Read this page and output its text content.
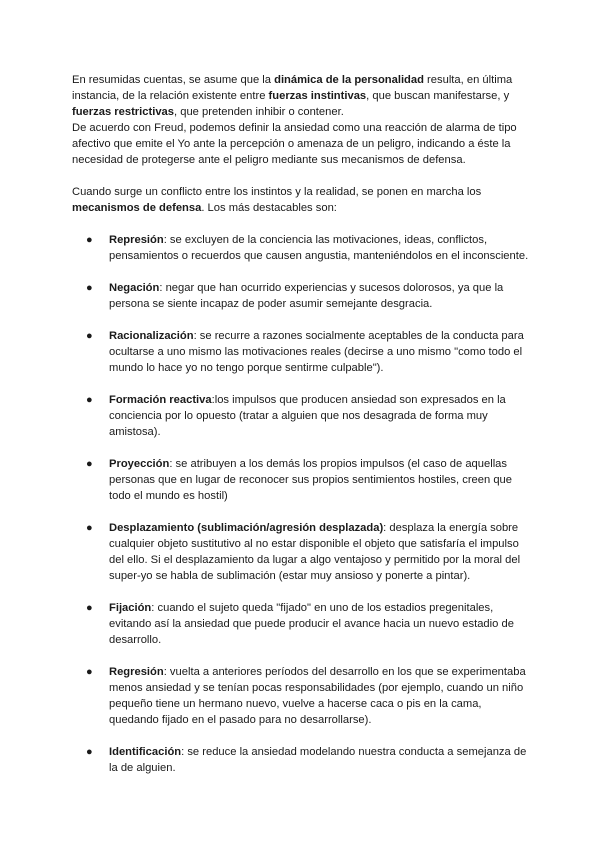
En resumidas cuentas, se asume que la dinámica de la personalidad resulta, en última instancia, de la relación existente entre fuerzas instintivas, que buscan manifestarse, y fuerzas restrictivas, que pretenden inhibir o contener.

De acuerdo con Freud, podemos definir la ansiedad como una reacción de alarma de tipo afectivo que emite el Yo ante la percepción o amenaza de un peligro, indicando a éste la necesidad de protegerse ante el peligro mediante sus mecanismos de defensa.

Cuando surge un conflicto entre los instintos y la realidad, se ponen en marcha los mecanismos de defensa. Los más destacables son:

● Represión: se excluyen de la conciencia las motivaciones, ideas, conflictos, pensamientos o recuerdos que causen angustia, manteniéndolos en el inconsciente.
● Negación: negar que han ocurrido experiencias y sucesos dolorosos, ya que la persona se siente incapaz de poder asumir semejante desgracia.
● Racionalización: se recurre a razones socialmente aceptables de la conducta para ocultarse a uno mismo las motivaciones reales (decirse a uno mismo "como todo el mundo lo hace yo no tengo porque sentirme culpable").
● Formación reactiva:los impulsos que producen ansiedad son expresados en la conciencia por lo opuesto (tratar a alguien que nos desagrada de forma muy amistosa).
● Proyección: se atribuyen a los demás los propios impulsos (el caso de aquellas personas que en lugar de reconocer sus propios sentimientos hostiles, creen que todo el mundo es hostil)
● Desplazamiento (sublimación/agresión desplazada): desplaza la energía sobre cualquier objeto sustitutivo al no estar disponible el objeto que satisfaría el impulso del ello. Si el desplazamiento da lugar a algo ventajoso y permitido por la moral del super-yo se habla de sublimación (estar muy ansioso y ponerte a pintar).
● Fijación: cuando el sujeto queda "fijado" en uno de los estadios pregenitales, evitando así la ansiedad que puede producir el avance hacia un nuevo estadio de desarrollo.
● Regresión: vuelta a anteriores períodos del desarrollo en los que se experimentaba menos ansiedad y se tenían pocas responsabilidades (por ejemplo, cuando un niño pequeño tiene un hermano nuevo, vuelve a hacerse caca o pis en la cama, quedando fijado en el pasado para no desarrollarse).
● Identificación: se reduce la ansiedad modelando nuestra conducta a semejanza de la de alguien.
